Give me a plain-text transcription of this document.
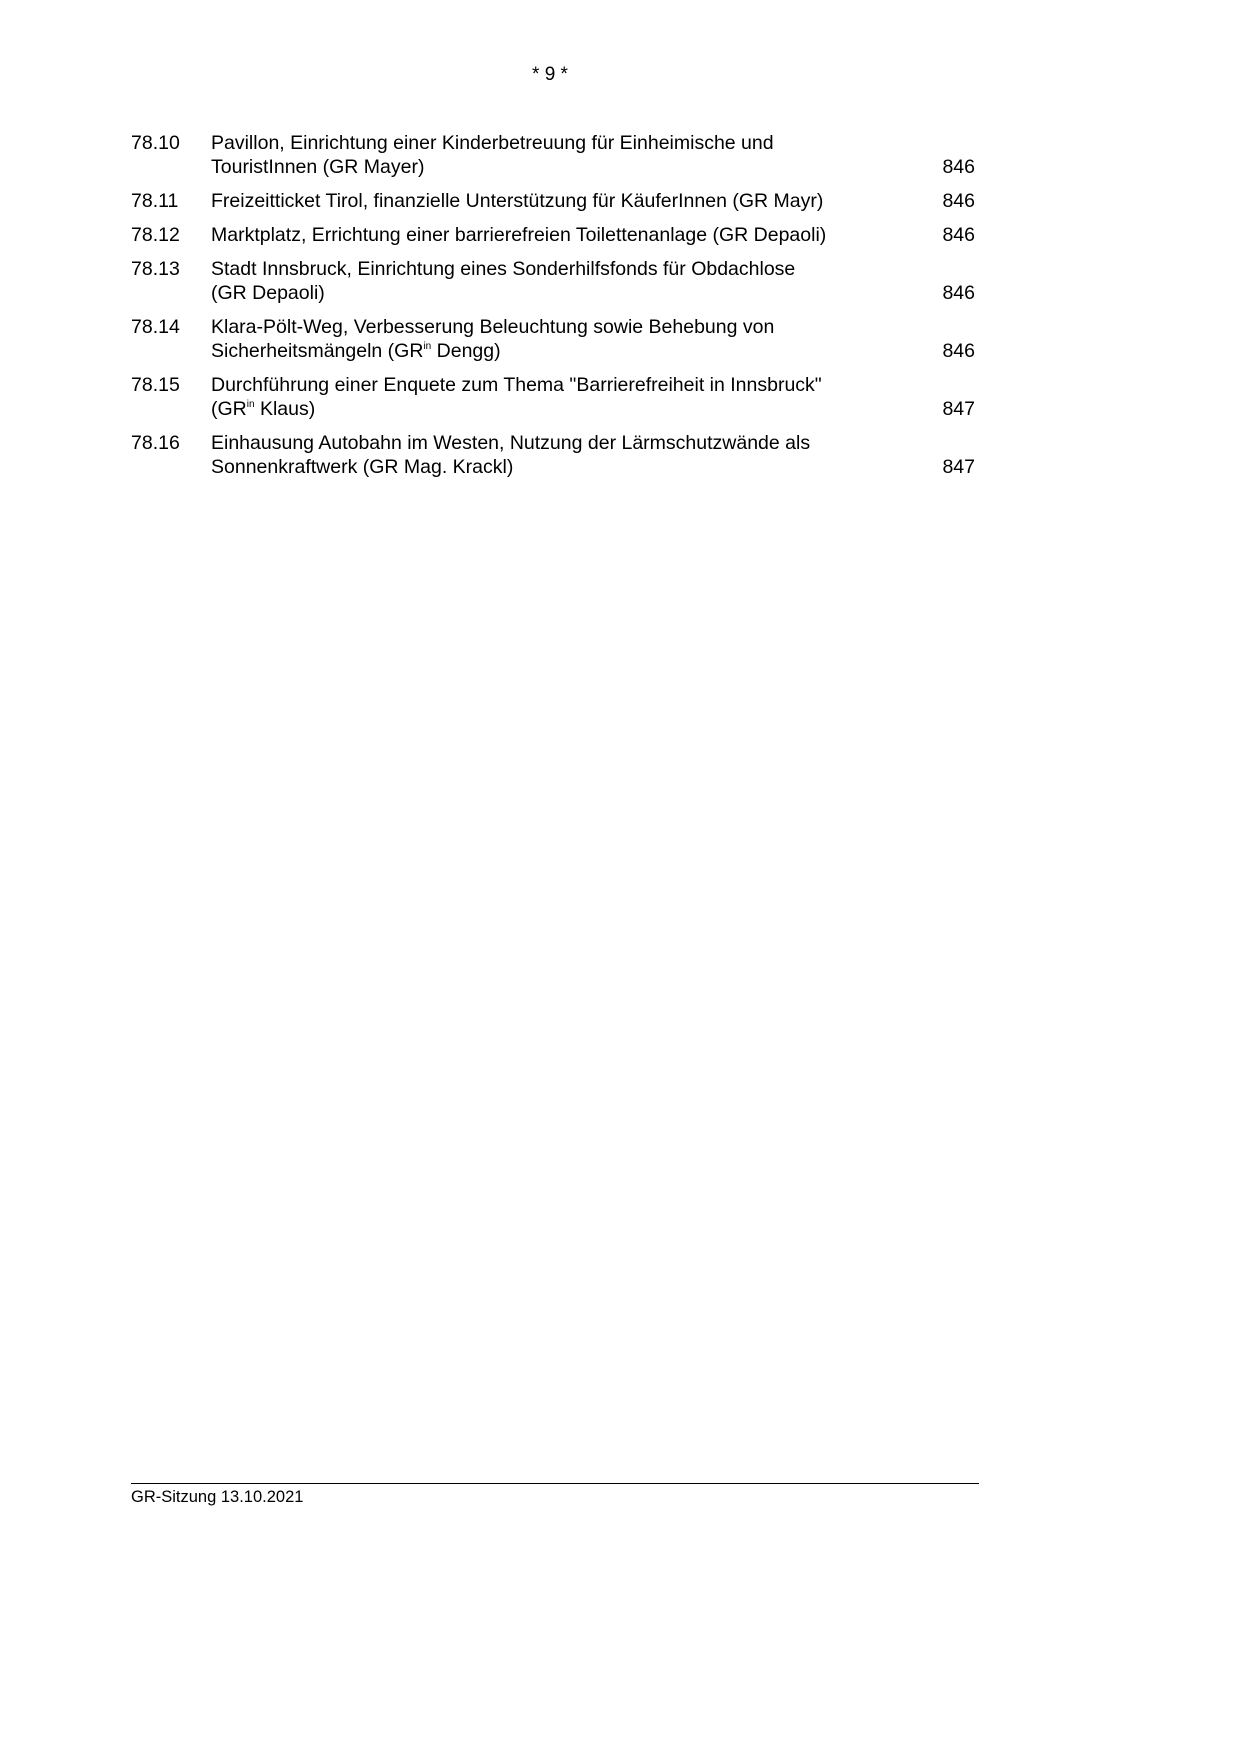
* 9 *
78.10	Pavillon, Einrichtung einer Kinderbetreuung für Einheimische und
TouristInnen (GR Mayer)	846
78.11	Freizeitticket Tirol, finanzielle Unterstützung für KäuferInnen (GR Mayr)	846
78.12	Marktplatz, Errichtung einer barrierefreien Toilettenanlage (GR Depaoli)	846
78.13	Stadt Innsbruck, Einrichtung eines Sonderhilfsfonds für Obdachlose
(GR Depaoli)	846
78.14	Klara-Pölt-Weg, Verbesserung Beleuchtung sowie Behebung von
Sicherheitsmängeln ($GR^{in}$ Dengg)	846
78.15	Durchführung einer Enquete zum Thema "Barrierefreiheit in Innsbruck"
($GR^{in}$ Klaus)	847
78.16	Einhausung Autobahn im Westen, Nutzung der Lärmschutzwände als
Sonnenkraftwerk (GR Mag. Krackl)	847
GR-Sitzung 13.10.2021
